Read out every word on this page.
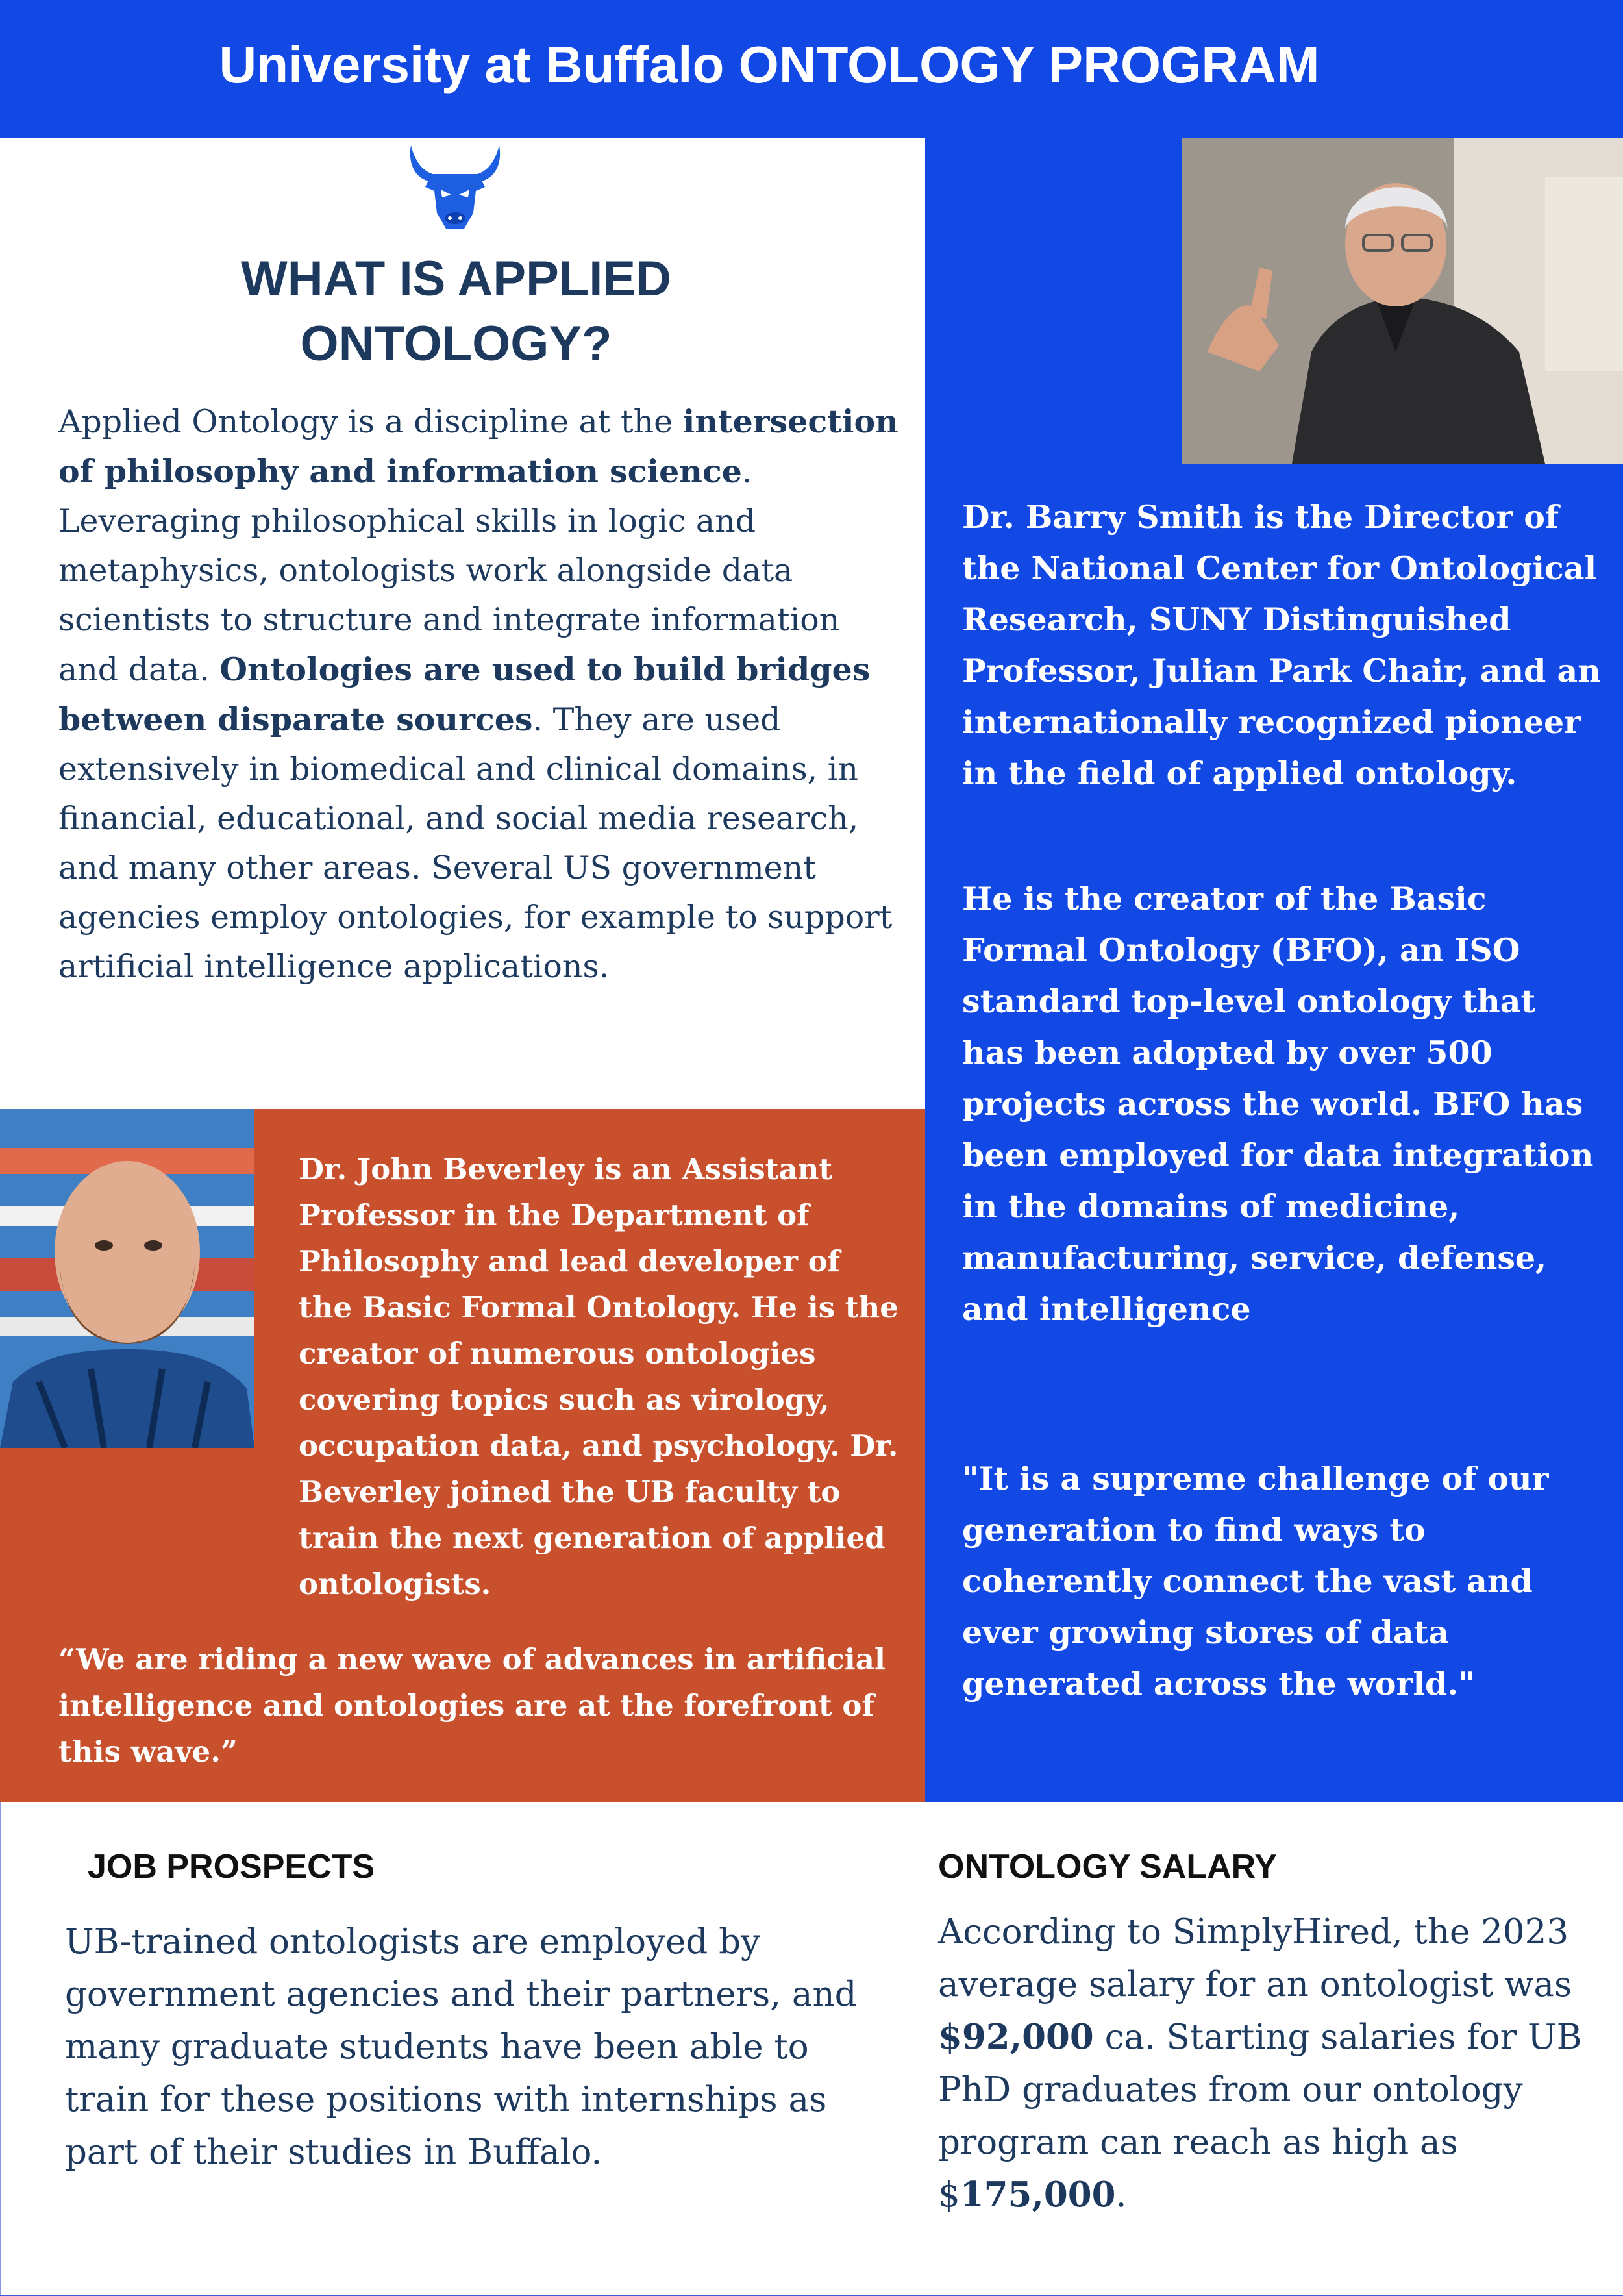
University at Buffalo ONTOLOGY PROGRAM
WHAT IS APPLIED ONTOLOGY?

Applied Ontology is a discipline at the intersection of philosophy and information science. Leveraging philosophical skills in logic and metaphysics, ontologists work alongside data scientists to structure and integrate information and data. Ontologies are used to build bridges between disparate sources. They are used extensively in biomedical and clinical domains, in financial, educational, and social media research, and many other areas. Several US government agencies employ ontologies, for example to support artificial intelligence applications.

Dr. Barry Smith is the Director of the National Center for Ontological Research, SUNY Distinguished Professor, Julian Park Chair, and an internationally recognized pioneer in the field of applied ontology.
He is the creator of the Basic Formal Ontology (BFO), an ISO standard top-level ontology that has been adopted by over 500 projects across the world. BFO has been employed for data integration in the domains of medicine, manufacturing, service, defense, and intelligence
"It is a supreme challenge of our generation to find ways to coherently connect the vast and ever growing stores of data generated across the world."
Dr. John Beverley is an Assistant Professor in the Department of Philosophy and lead developer of the Basic Formal Ontology. He is the creator of numerous ontologies covering topics such as virology, occupation data, and psychology. Dr. Beverley joined the UB faculty to train the next generation of applied ontologists.
“We are riding a new wave of advances in artificial intelligence and ontologies are at the forefront of this wave.”
JOB PROSPECTS
UB-trained ontologists are employed by government agencies and their partners, and many graduate students have been able to train for these positions with internships as part of their studies in Buffalo.
ONTOLOGY SALARY
According to SimplyHired, the 2023 average salary for an ontologist was $92,000 ca. Starting salaries for UB PhD graduates from our ontology program can reach as high as $175,000.
